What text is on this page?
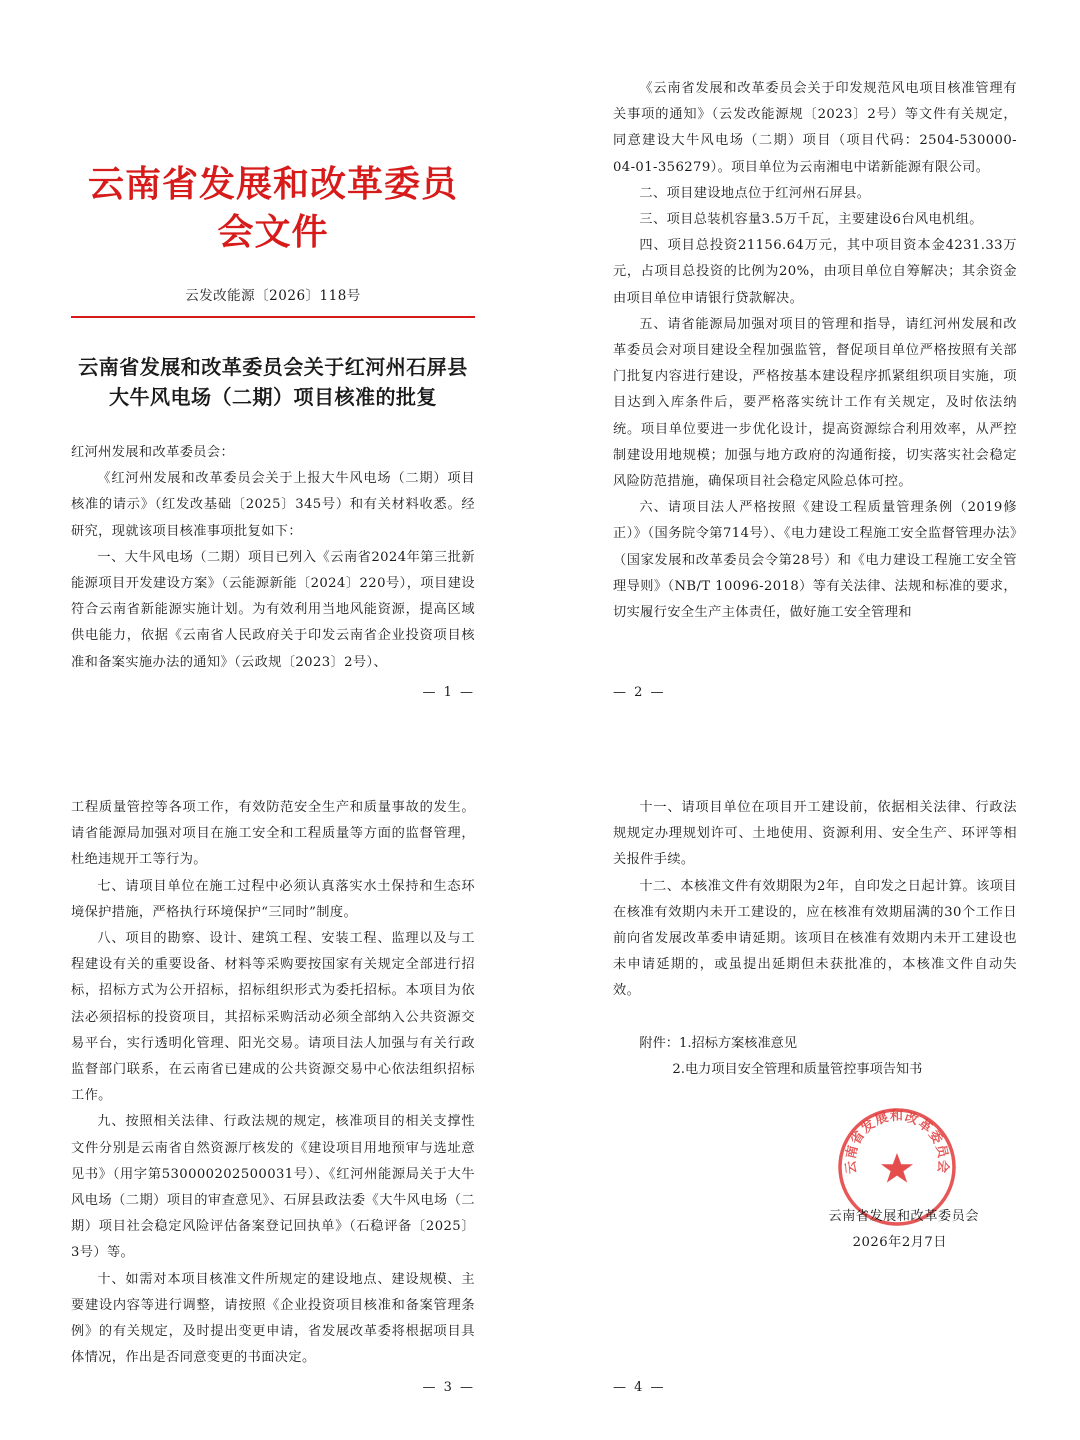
云南省发展和改革委员会文件
云发改能源〔2026〕118号
云南省发展和改革委员会关于红河州石屏县
大牛风电场（二期）项目核准的批复

红河州发展和改革委员会：

《红河州发展和改革委员会关于上报大牛风电场（二期）项目核准的请示》（红发改基础〔2025〕345号）和有关材料收悉。经研究，现就该项目核准事项批复如下：

一、大牛风电场（二期）项目已列入《云南省2024年第三批新能源项目开发建设方案》（云能源新能〔2024〕220号），项目建设符合云南省新能源实施计划。为有效利用当地风能资源，提高区域供电能力，依据《云南省人民政府关于印发云南省企业投资项目核准和备案实施办法的通知》（云政规〔2023〕2号）、

— 1 —

《云南省发展和改革委员会关于印发规范风电项目核准管理有关事项的通知》（云发改能源规〔2023〕2号）等文件有关规定，同意建设大牛风电场（二期）项目（项目代码：2504-530000-04-01-356279）。项目单位为云南湘电中诺新能源有限公司。

二、项目建设地点位于红河州石屏县。

三、项目总装机容量3.5万千瓦，主要建设6台风电机组。

四、项目总投资21156.64万元，其中项目资本金4231.33万元，占项目总投资的比例为20%，由项目单位自筹解决；其余资金由项目单位申请银行贷款解决。

五、请省能源局加强对项目的管理和指导，请红河州发展和改革委员会对项目建设全程加强监管，督促项目单位严格按照有关部门批复内容进行建设，严格按基本建设程序抓紧组织项目实施，项目达到入库条件后，要严格落实统计工作有关规定，及时依法纳统。项目单位要进一步优化设计，提高资源综合利用效率，从严控制建设用地规模；加强与地方政府的沟通衔接，切实落实社会稳定风险防范措施，确保项目社会稳定风险总体可控。

六、请项目法人严格按照《建设工程质量管理条例（2019修正）》（国务院令第714号）、《电力建设工程施工安全监督管理办法》（国家发展和改革委员会令第28号）和《电力建设工程施工安全管理导则》（NB/T 10096-2018）等有关法律、法规和标准的要求，切实履行安全生产主体责任，做好施工安全管理和

— 2 —

工程质量管控等各项工作，有效防范安全生产和质量事故的发生。请省能源局加强对项目在施工安全和工程质量等方面的监督管理，杜绝违规开工等行为。

七、请项目单位在施工过程中必须认真落实水土保持和生态环境保护措施，严格执行环境保护“三同时”制度。

八、项目的勘察、设计、建筑工程、安装工程、监理以及与工程建设有关的重要设备、材料等采购要按国家有关规定全部进行招标，招标方式为公开招标，招标组织形式为委托招标。本项目为依法必须招标的投资项目，其招标采购活动必须全部纳入公共资源交易平台，实行透明化管理、阳光交易。请项目法人加强与有关行政监督部门联系，在云南省已建成的公共资源交易中心依法组织招标工作。

九、按照相关法律、行政法规的规定，核准项目的相关支撑性文件分别是云南省自然资源厅核发的《建设项目用地预审与选址意见书》（用字第530000202500031号）、《红河州能源局关于大牛风电场（二期）项目的审查意见》、石屏县政法委《大牛风电场（二期）项目社会稳定风险评估备案登记回执单》（石稳评备〔2025〕3号）等。

十、如需对本项目核准文件所规定的建设地点、建设规模、主要建设内容等进行调整，请按照《企业投资项目核准和备案管理条例》的有关规定，及时提出变更申请，省发展改革委将根据项目具体情况，作出是否同意变更的书面决定。

— 3 —

十一、请项目单位在项目开工建设前，依据相关法律、行政法规规定办理规划许可、土地使用、资源利用、安全生产、环评等相关报件手续。

十二、本核准文件有效期限为2年，自印发之日起计算。该项目在核准有效期内未开工建设的，应在核准有效期届满的30个工作日前向省发展改革委申请延期。该项目在核准有效期内未开工建设也未申请延期的，或虽提出延期但未获批准的，本核准文件自动失效。

附件：1.招标方案核准意见

2.电力项目安全管理和质量管控事项告知书

云南省发展和改革委员会
云南省发展和改革委员会
2026年2月7日
— 4 —
